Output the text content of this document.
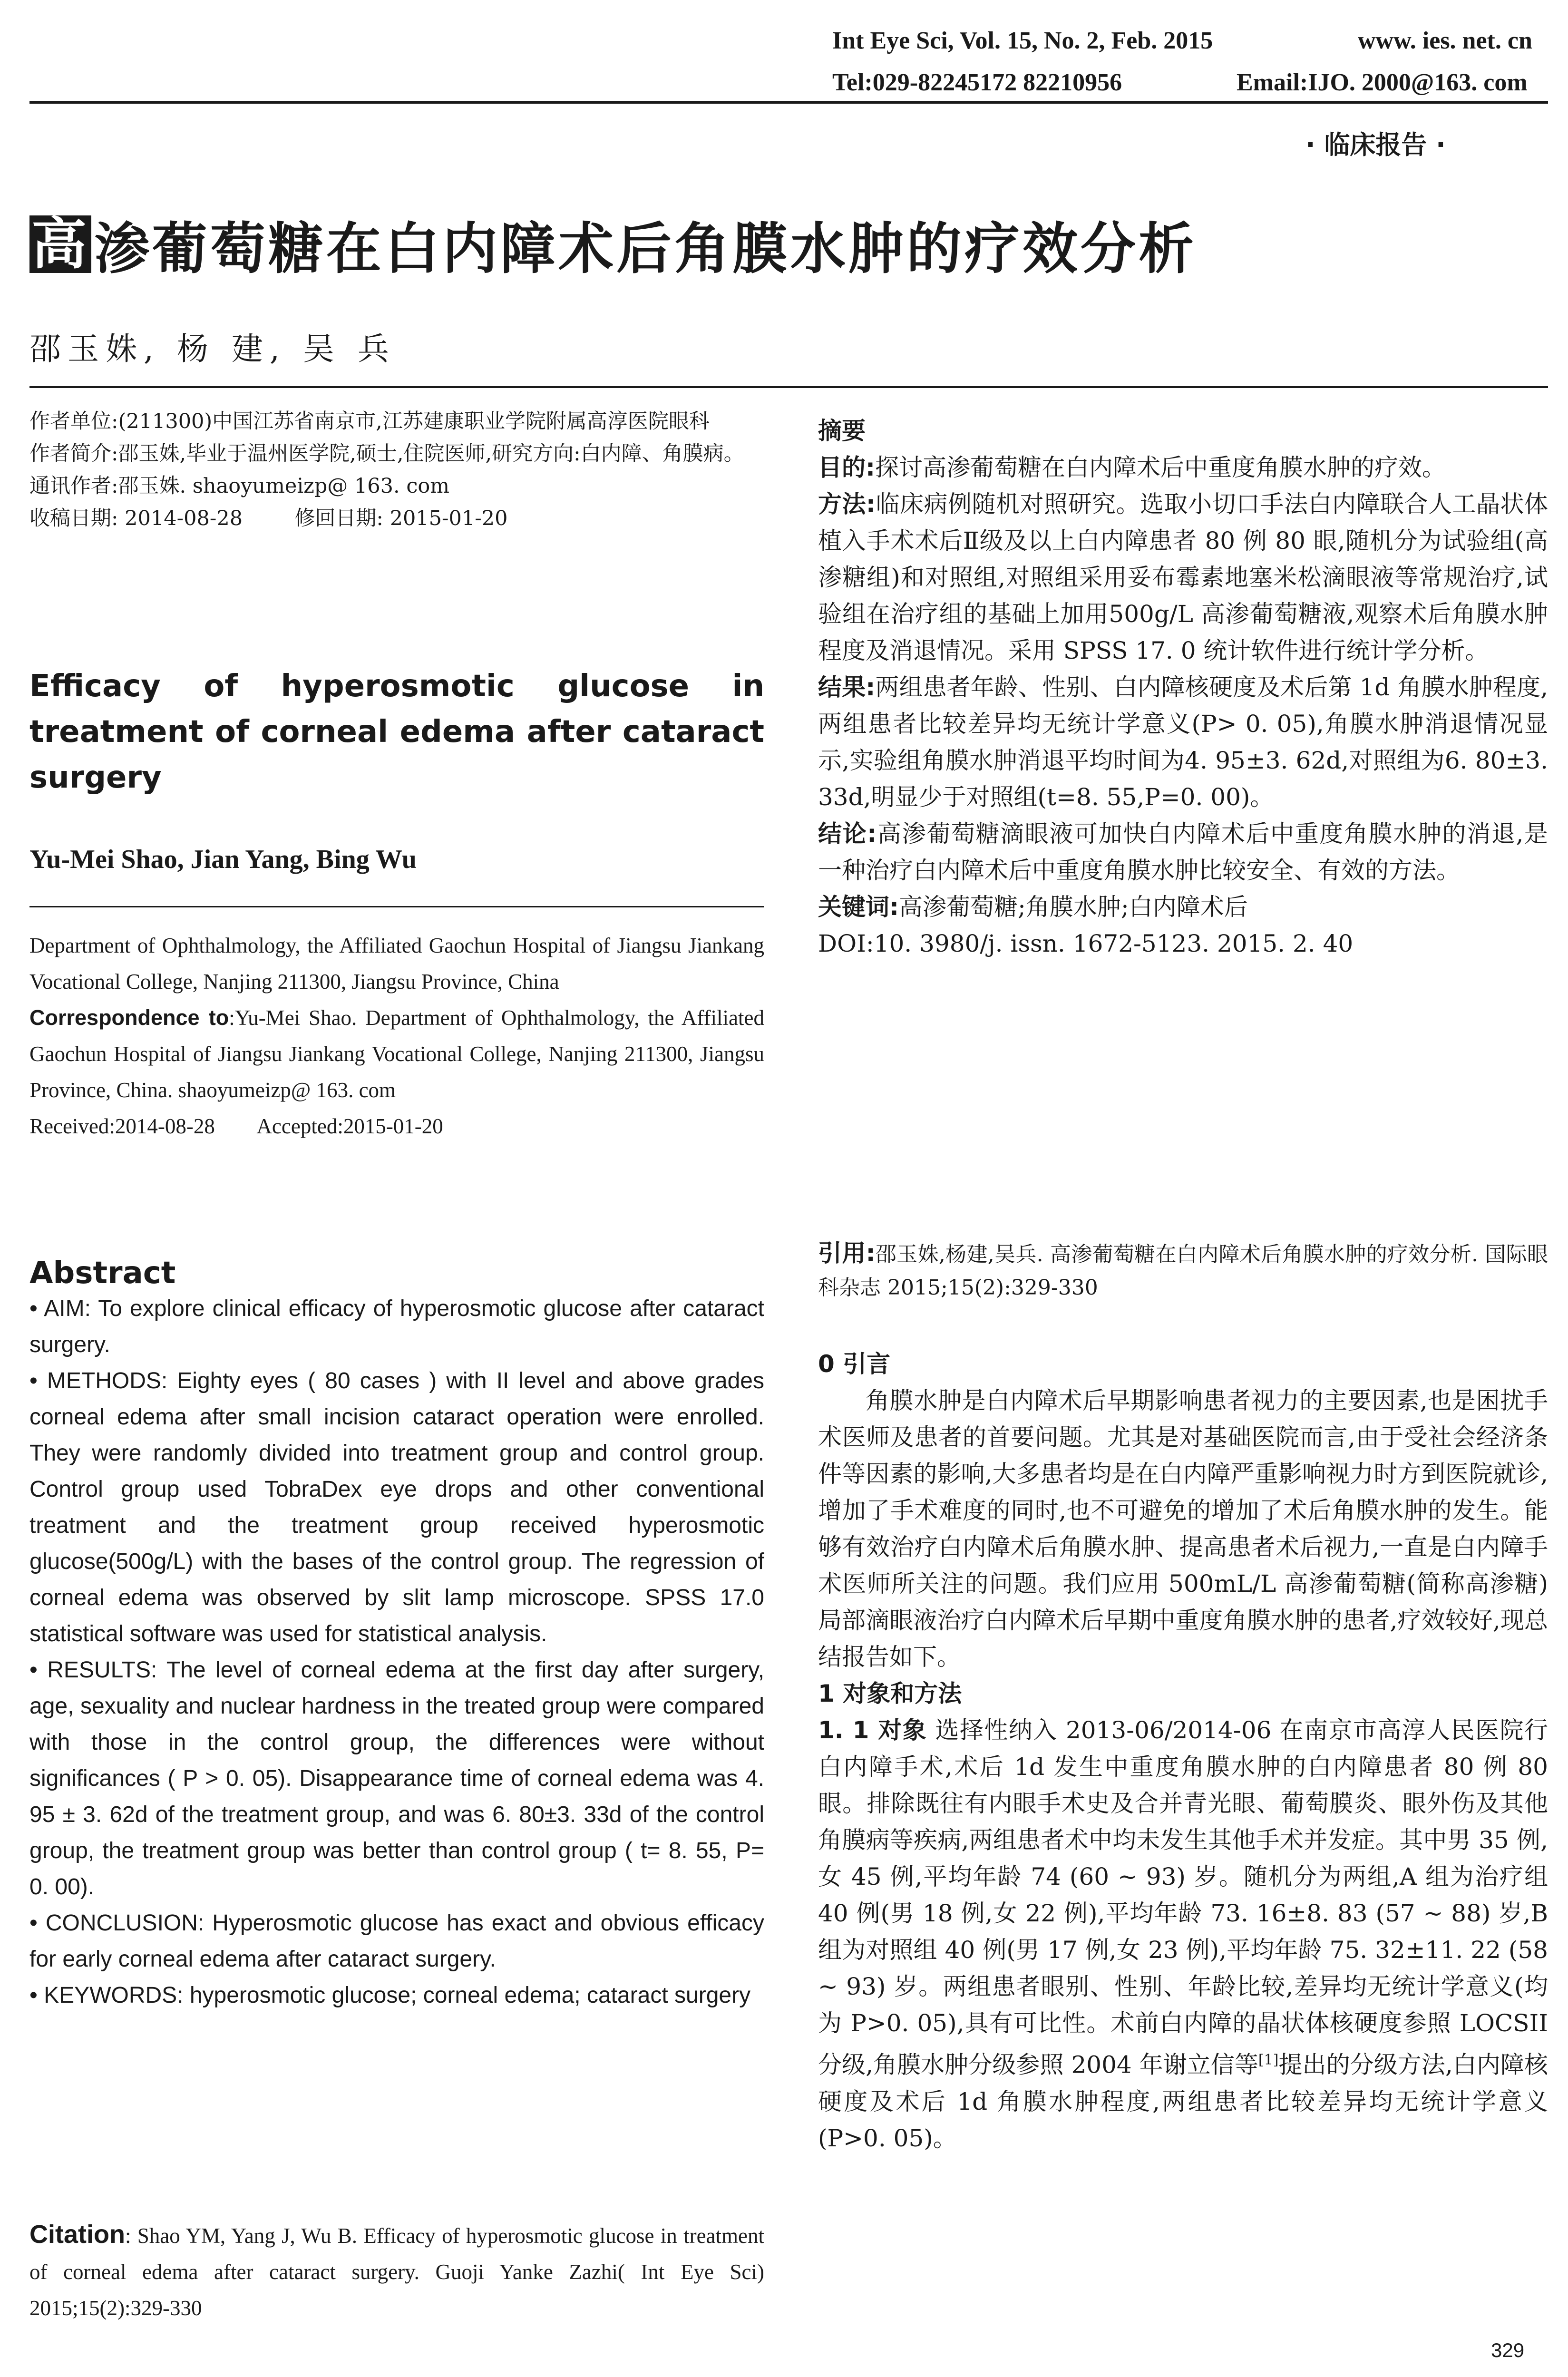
Int Eye Sci, Vol. 15, No. 2, Feb. 2015	www. ies. net. cn
Tel:029-82245172 82210956	Email:IJO. 2000@163. com
· 临床报告 ·
高 渗葡萄糖在白内障术后角膜水肿的疗效分析
邵玉姝, 杨 建, 吴 兵

作者单位:(211300)中国江苏省南京市,江苏建康职业学院附属高淳医院眼科

作者简介:邵玉姝,毕业于温州医学院,硕士,住院医师,研究方向:白内障、角膜病。

通讯作者:邵玉姝. shaoyumeizp@ 163. com

收稿日期: 2014-08-28	修回日期: 2015-01-20

Efficacy of hyperosmotic glucose in treatment of corneal edema after cataract surgery

Yu-Mei Shao, Jian Yang, Bing Wu

Department of Ophthalmology, the Affiliated Gaochun Hospital of Jiangsu Jiankang Vocational College, Nanjing 211300, Jiangsu Province, China

Correspondence to:Yu-Mei Shao. Department of Ophthalmology, the Affiliated Gaochun Hospital of Jiangsu Jiankang Vocational College, Nanjing 211300, Jiangsu Province, China. shaoyumeizp@ 163. com

Received:2014-08-28 Accepted:2015-01-20

Abstract

• AIM: To explore clinical efficacy of hyperosmotic glucose after cataract surgery.

• METHODS: Eighty eyes ( 80 cases ) with II level and above grades corneal edema after small incision cataract operation were enrolled. They were randomly divided into treatment group and control group. Control group used TobraDex eye drops and other conventional treatment and the treatment group received hyperosmotic glucose(500g/L) with the bases of the control group. The regression of corneal edema was observed by slit lamp microscope. SPSS 17.0 statistical software was used for statistical analysis.

• RESULTS: The level of corneal edema at the first day after surgery, age, sexuality and nuclear hardness in the treated group were compared with those in the control group, the differences were without significances ( P > 0. 05). Disappearance time of corneal edema was 4. 95 ± 3. 62d of the treatment group, and was 6. 80±3. 33d of the control group, the treatment group was better than control group ( t= 8. 55, P= 0. 00).

• CONCLUSION: Hyperosmotic glucose has exact and obvious efficacy for early corneal edema after cataract surgery.

• KEYWORDS: hyperosmotic glucose; corneal edema; cataract surgery

Citation: Shao YM, Yang J, Wu B. Efficacy of hyperosmotic glucose in treatment of corneal edema after cataract surgery. Guoji Yanke Zazhi( Int Eye Sci) 2015;15(2):329-330

摘要

目的:探讨高渗葡萄糖在白内障术后中重度角膜水肿的疗效。

方法:临床病例随机对照研究。选取小切口手法白内障联合人工晶状体植入手术术后Ⅱ级及以上白内障患者 80 例 80 眼,随机分为试验组(高渗糖组)和对照组,对照组采用妥布霉素地塞米松滴眼液等常规治疗,试验组在治疗组的基础上加用500g/L 高渗葡萄糖液,观察术后角膜水肿程度及消退情况。采用 SPSS 17. 0 统计软件进行统计学分析。

结果:两组患者年龄、性别、白内障核硬度及术后第 1d 角膜水肿程度,两组患者比较差异均无统计学意义(P> 0. 05),角膜水肿消退情况显示,实验组角膜水肿消退平均时间为4. 95±3. 62d,对照组为6. 80±3. 33d,明显少于对照组(t=8. 55,P=0. 00)。

结论:高渗葡萄糖滴眼液可加快白内障术后中重度角膜水肿的消退,是一种治疗白内障术后中重度角膜水肿比较安全、有效的方法。

关键词:高渗葡萄糖;角膜水肿;白内障术后

DOI:10. 3980/j. issn. 1672-5123. 2015. 2. 40

引用:邵玉姝,杨建,吴兵. 高渗葡萄糖在白内障术后角膜水肿的疗效分析. 国际眼科杂志 2015;15(2):329-330

0 引言

角膜水肿是白内障术后早期影响患者视力的主要因素,也是困扰手术医师及患者的首要问题。尤其是对基础医院而言,由于受社会经济条件等因素的影响,大多患者均是在白内障严重影响视力时方到医院就诊,增加了手术难度的同时,也不可避免的增加了术后角膜水肿的发生。能够有效治疗白内障术后角膜水肿、提高患者术后视力,一直是白内障手术医师所关注的问题。我们应用 500mL/L 高渗葡萄糖(简称高渗糖)局部滴眼液治疗白内障术后早期中重度角膜水肿的患者,疗效较好,现总结报告如下。

1 对象和方法

1. 1 对象 选择性纳入 2013-06/2014-06 在南京市高淳人民医院行白内障手术,术后 1d 发生中重度角膜水肿的白内障患者 80 例 80 眼。排除既往有内眼手术史及合并青光眼、葡萄膜炎、眼外伤及其他角膜病等疾病,两组患者术中均未发生其他手术并发症。其中男 35 例,女 45 例,平均年龄 74 (60 ~ 93) 岁。随机分为两组,A 组为治疗组 40 例(男 18 例,女 22 例),平均年龄 73. 16±8. 83 (57 ~ 88) 岁,B 组为对照组 40 例(男 17 例,女 23 例),平均年龄 75. 32±11. 22 (58 ~ 93) 岁。两组患者眼别、性别、年龄比较,差异均无统计学意义(均为 P>0. 05),具有可比性。术前白内障的晶状体核硬度参照 LOCSII 分级,角膜水肿分级参照 2004 年谢立信等[1]提出的分级方法,白内障核硬度及术后 1d 角膜水肿程度,两组患者比较差异均无统计学意义(P>0. 05)。

329
